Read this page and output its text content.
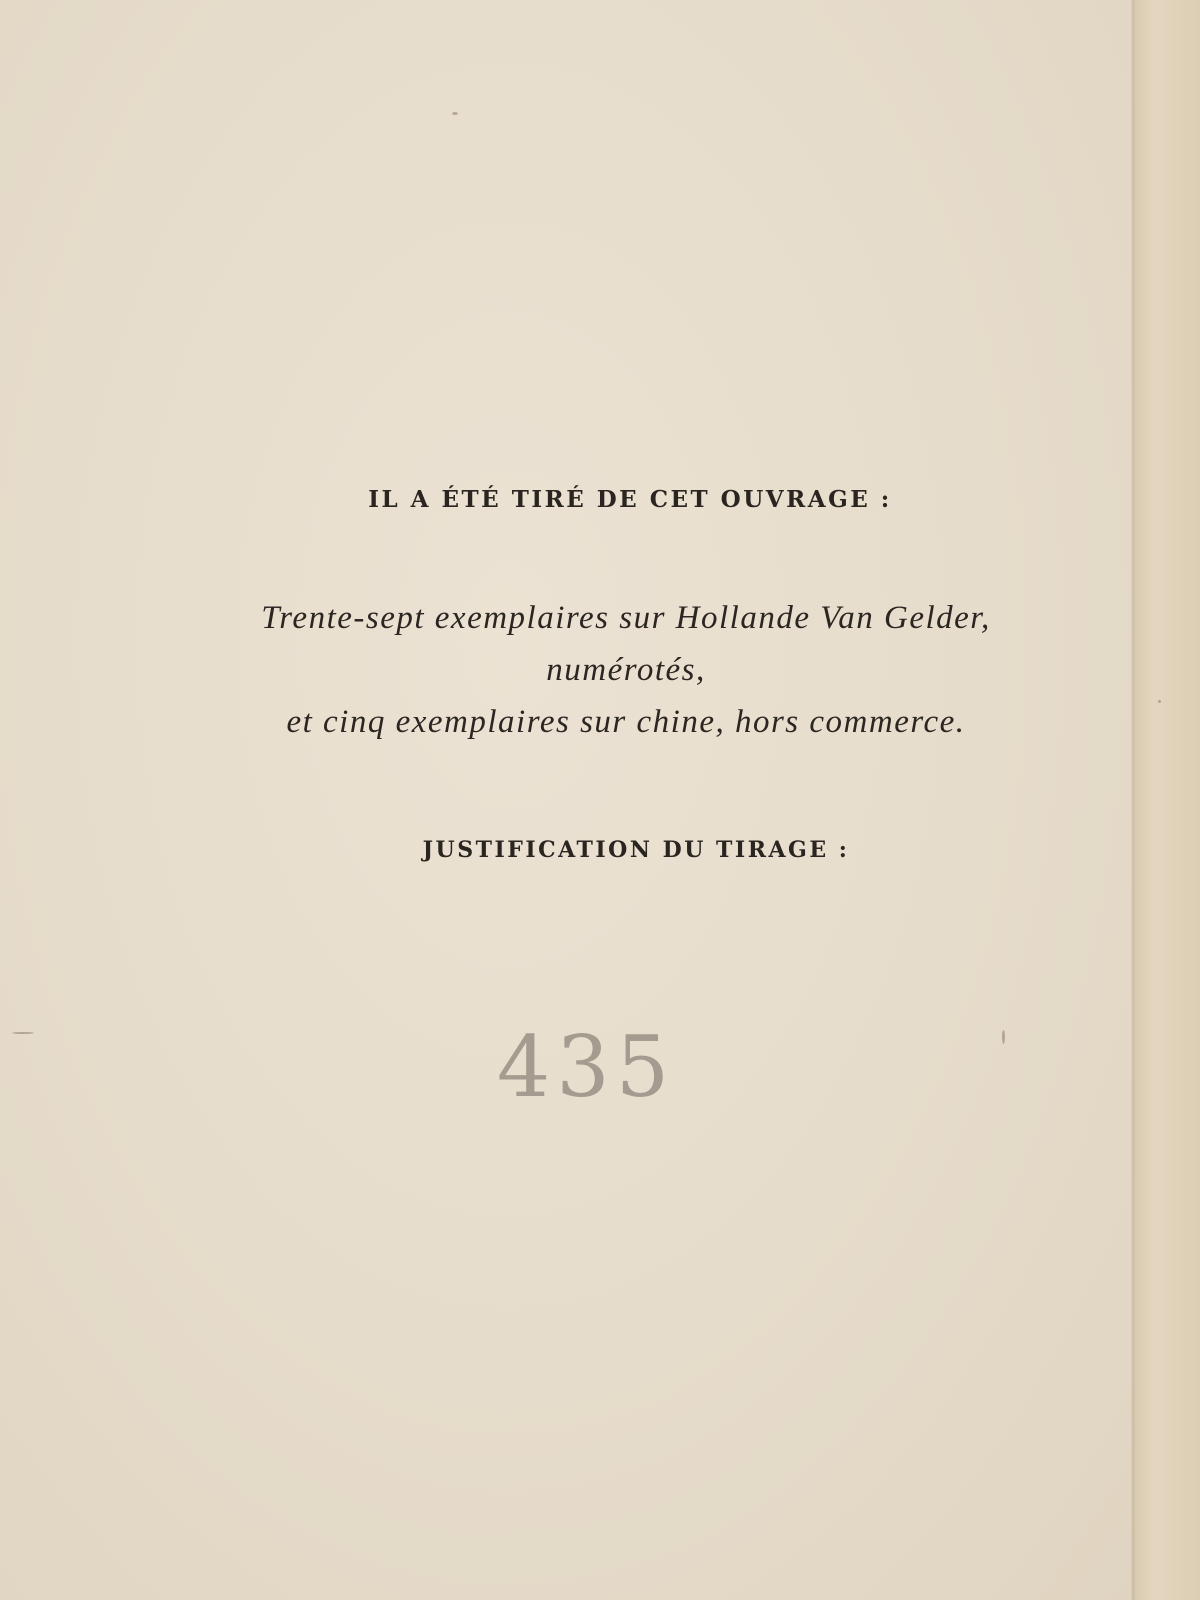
IL A ÉTÉ TIRÉ DE CET OUVRAGE :
Trente-sept exemplaires sur Hollande Van Gelder,
numérotés,
et cinq exemplaires sur chine, hors commerce.
JUSTIFICATION DU TIRAGE :
435
